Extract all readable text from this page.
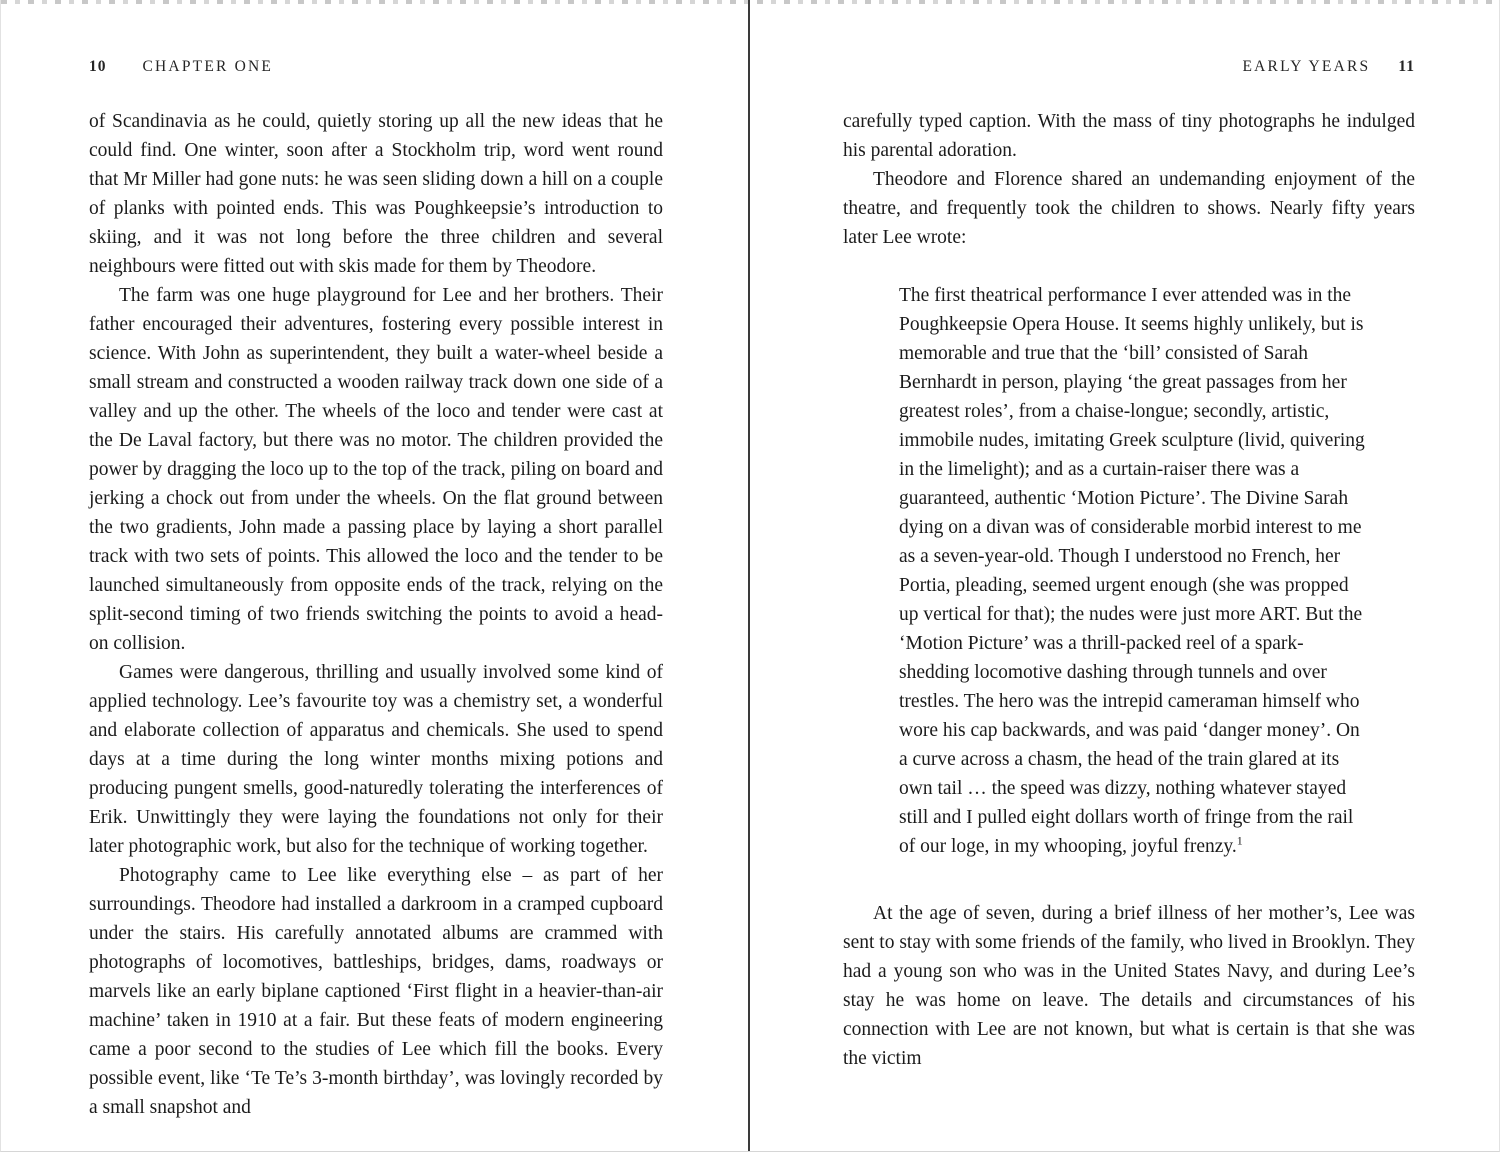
10 CHAPTER ONE

of Scandinavia as he could, quietly storing up all the new ideas that he could find. One winter, soon after a Stockholm trip, word went round that Mr Miller had gone nuts: he was seen sliding down a hill on a couple of planks with pointed ends. This was Poughkeepsie’s introduction to skiing, and it was not long before the three children and several neighbours were fitted out with skis made for them by Theodore.

The farm was one huge playground for Lee and her brothers. Their father encouraged their adventures, fostering every possible interest in science. With John as superintendent, they built a water-wheel beside a small stream and constructed a wooden railway track down one side of a valley and up the other. The wheels of the loco and tender were cast at the De Laval factory, but there was no motor. The children provided the power by dragging the loco up to the top of the track, piling on board and jerking a chock out from under the wheels. On the flat ground between the two gradients, John made a passing place by laying a short parallel track with two sets of points. This allowed the loco and the tender to be launched simultaneously from opposite ends of the track, relying on the split-second timing of two friends switching the points to avoid a head-on collision.

Games were dangerous, thrilling and usually involved some kind of applied technology. Lee’s favourite toy was a chemistry set, a wonderful and elaborate collection of apparatus and chemicals. She used to spend days at a time during the long winter months mixing potions and producing pungent smells, good-naturedly tolerating the interferences of Erik. Unwittingly they were laying the foundations not only for their later photographic work, but also for the technique of working together.

Photography came to Lee like everything else – as part of her surroundings. Theodore had installed a darkroom in a cramped cupboard under the stairs. His carefully annotated albums are crammed with photographs of locomotives, battleships, bridges, dams, roadways or marvels like an early biplane captioned ‘First flight in a heavier-than-air machine’ taken in 1910 at a fair. But these feats of modern engineering came a poor second to the studies of Lee which fill the books. Every possible event, like ‘Te Te’s 3-month birthday’, was lovingly recorded by a small snapshot and

EARLY YEARS 11

carefully typed caption. With the mass of tiny photographs he indulged his parental adoration.

Theodore and Florence shared an undemanding enjoyment of the theatre, and frequently took the children to shows. Nearly fifty years later Lee wrote:

The first theatrical performance I ever attended was in the Poughkeepsie Opera House. It seems highly unlikely, but is memorable and true that the ‘bill’ consisted of Sarah Bernhardt in person, playing ‘the great passages from her greatest roles’, from a chaise-longue; secondly, artistic, immobile nudes, imitating Greek sculpture (livid, quivering in the limelight); and as a curtain-raiser there was a guaranteed, authentic ‘Motion Picture’. The Divine Sarah dying on a divan was of considerable morbid interest to me as a seven-year-old. Though I understood no French, her Portia, pleading, seemed urgent enough (she was propped up vertical for that); the nudes were just more ART. But the ‘Motion Picture’ was a thrill-packed reel of a spark-shedding locomotive dashing through tunnels and over trestles. The hero was the intrepid cameraman himself who wore his cap backwards, and was paid ‘danger money’. On a curve across a chasm, the head of the train glared at its own tail … the speed was dizzy, nothing whatever stayed still and I pulled eight dollars worth of fringe from the rail of our loge, in my whooping, joyful frenzy.$^1$

At the age of seven, during a brief illness of her mother’s, Lee was sent to stay with some friends of the family, who lived in Brooklyn. They had a young son who was in the United States Navy, and during Lee’s stay he was home on leave. The details and circumstances of his connection with Lee are not known, but what is certain is that she was the victim
